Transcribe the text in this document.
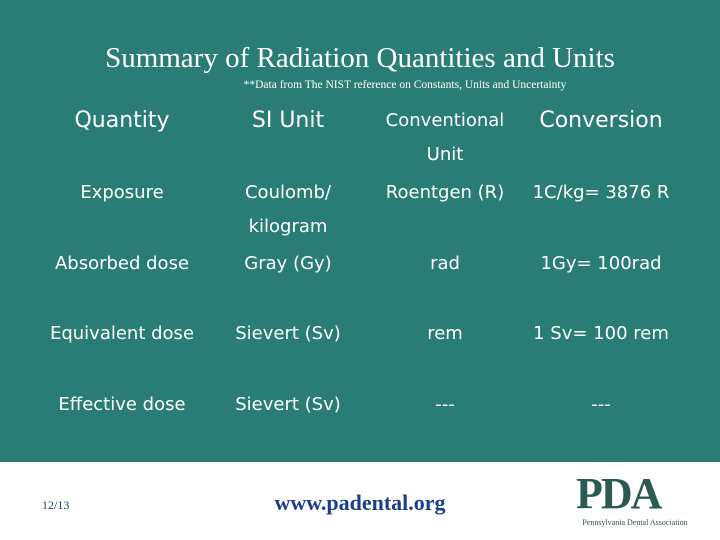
Summary of Radiation Quantities and Units
**Data from The NIST reference on Constants, Units and Uncertainty
Quantity	SI Unit	Conventional Unit	Conversion
Exposure	Coulomb/ kilogram	Roentgen (R)	1C/kg= 3876 R
Absorbed dose	Gray (Gy)	rad	1Gy= 100rad
Equivalent dose	Sievert (Sv)	rem	1 Sv= 100 rem
Effective dose	Sievert (Sv)	---	---
12/13	www.padental.org	PDA
Pennsylvania Dental Association
